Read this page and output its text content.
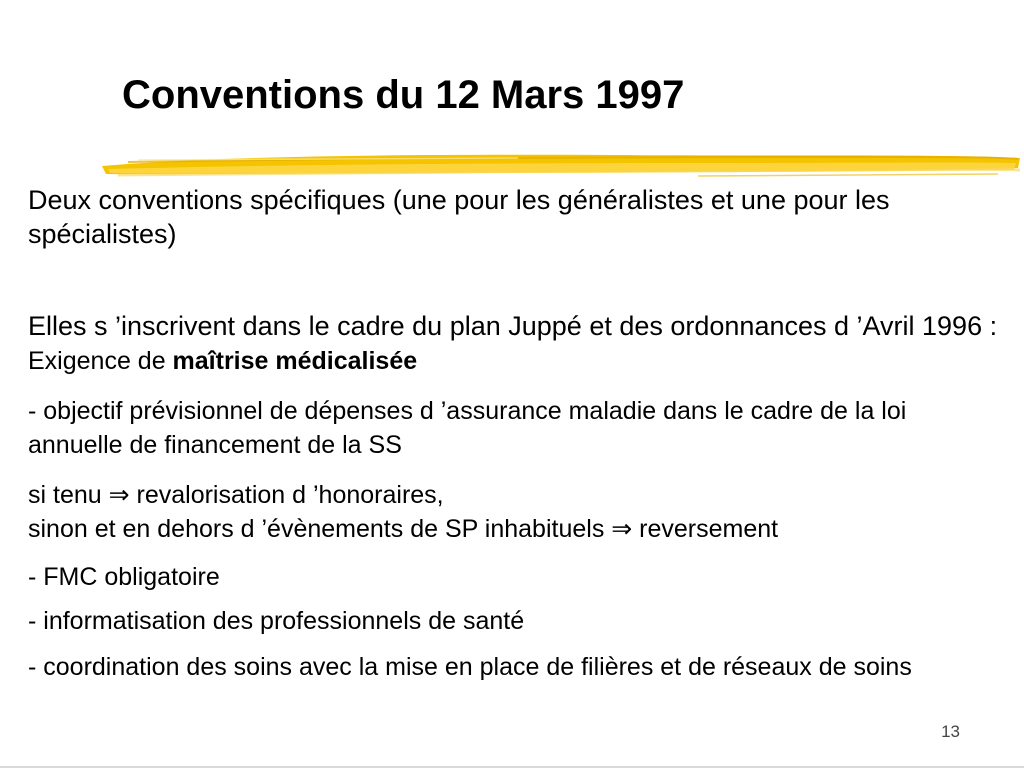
Conventions du 12 Mars 1997

Deux conventions spécifiques (une pour les généralistes et une pour les spécialistes)

Elles s ’inscrivent dans le cadre du plan Juppé et des ordonnances d ’Avril 1996 : Exigence de maîtrise médicalisée

- objectif prévisionnel de dépenses d ’assurance maladie dans le cadre de la loi annuelle de financement de la SS

si tenu ⇒ revalorisation d ’honoraires,
sinon et en dehors d ’évènements de SP inhabituels ⇒ reversement

- FMC obligatoire

- informatisation des professionnels de santé

- coordination des soins avec la mise en place de filières et de réseaux de soins

13
